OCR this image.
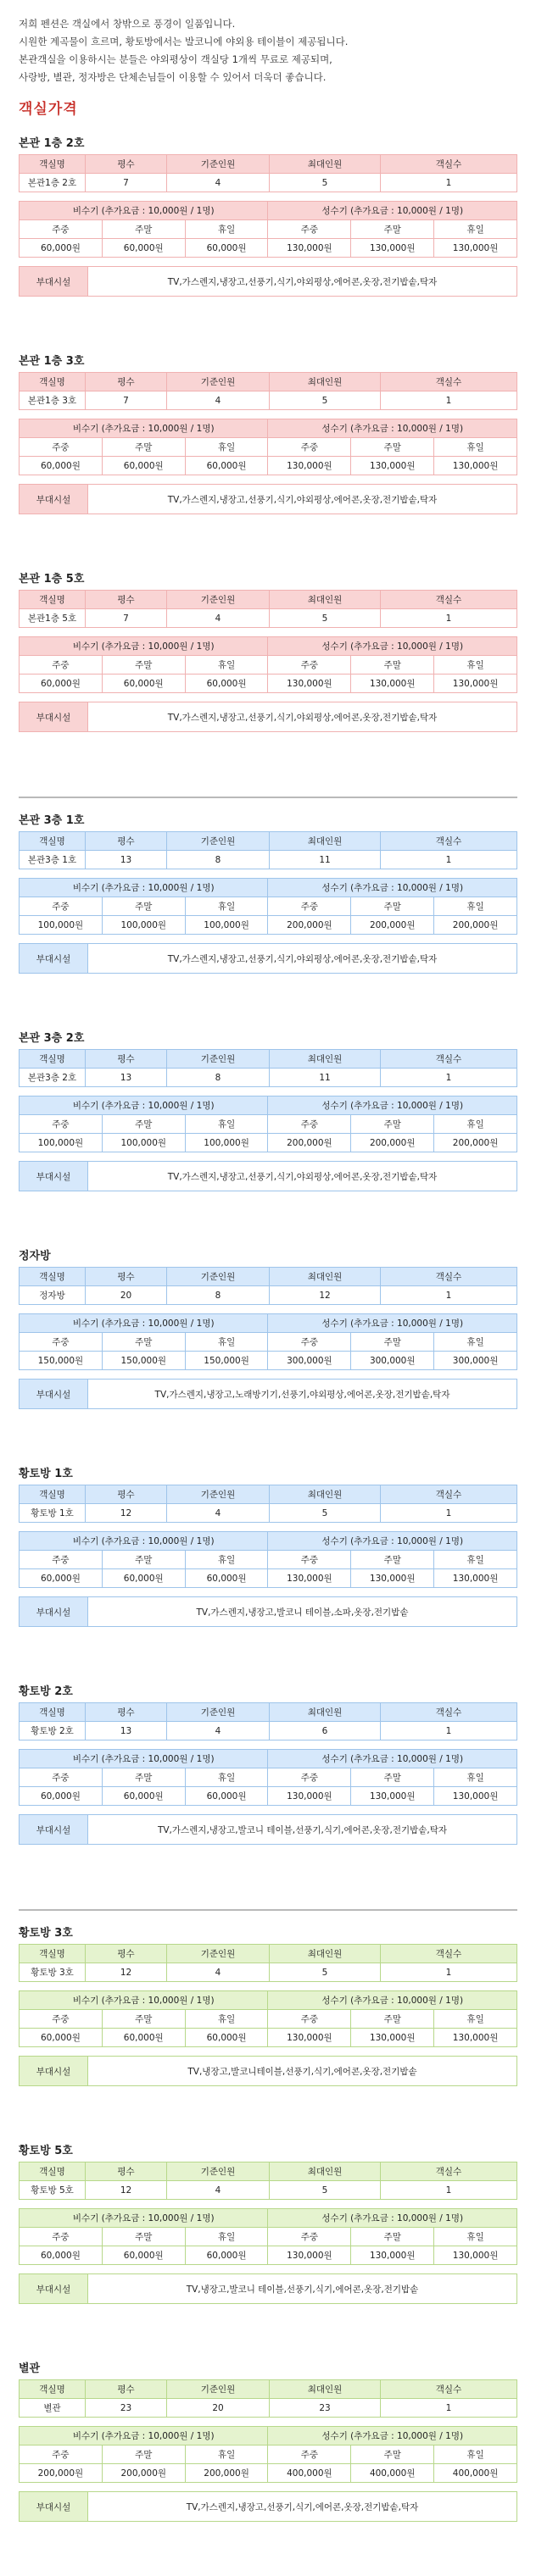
저희 펜션은 객실에서 창밖으로 풍경이 일품입니다.

시원한 계곡물이 흐르며, 황토방에서는 발코니에 야외용 테이블이 제공됩니다.

본관객실을 이용하시는 분들은 야외평상이 객실당 1개씩 무료로 제공되며,

사랑방, 별관, 정자방은 단체손님들이 이용할 수 있어서 더욱더 좋습니다.

객실가격
본관 1층 2호
객실명	평수	기준인원	최대인원	객실수
본관1층 2호	7	4	5	1
비수기 (추가요금 : 10,000원 / 1명)			성수기 (추가요금 : 10,000원 / 1명)		
주중	주말	휴일	주중	주말	휴일
60,000원	60,000원	60,000원	130,000원	130,000원	130,000원
부대시설	TV,가스렌지,냉장고,선풍기,식기,야외평상,에어콘,옷장,전기밥솥,탁자
본관 1층 3호
객실명	평수	기준인원	최대인원	객실수
본관1층 3호	7	4	5	1
비수기 (추가요금 : 10,000원 / 1명)			성수기 (추가요금 : 10,000원 / 1명)		
주중	주말	휴일	주중	주말	휴일
60,000원	60,000원	60,000원	130,000원	130,000원	130,000원
부대시설	TV,가스렌지,냉장고,선풍기,식기,야외평상,에어콘,옷장,전기밥솥,탁자
본관 1층 5호
객실명	평수	기준인원	최대인원	객실수
본관1층 5호	7	4	5	1
비수기 (추가요금 : 10,000원 / 1명)			성수기 (추가요금 : 10,000원 / 1명)		
주중	주말	휴일	주중	주말	휴일
60,000원	60,000원	60,000원	130,000원	130,000원	130,000원
부대시설	TV,가스렌지,냉장고,선풍기,식기,야외평상,에어콘,옷장,전기밥솥,탁자
본관 3층 1호
객실명	평수	기준인원	최대인원	객실수
본관3층 1호	13	8	11	1
비수기 (추가요금 : 10,000원 / 1명)			성수기 (추가요금 : 10,000원 / 1명)		
주중	주말	휴일	주중	주말	휴일
100,000원	100,000원	100,000원	200,000원	200,000원	200,000원
부대시설	TV,가스렌지,냉장고,선풍기,식기,야외평상,에어콘,옷장,전기밥솥,탁자
본관 3층 2호
객실명	평수	기준인원	최대인원	객실수
본관3층 2호	13	8	11	1
비수기 (추가요금 : 10,000원 / 1명)			성수기 (추가요금 : 10,000원 / 1명)		
주중	주말	휴일	주중	주말	휴일
100,000원	100,000원	100,000원	200,000원	200,000원	200,000원
부대시설	TV,가스렌지,냉장고,선풍기,식기,야외평상,에어콘,옷장,전기밥솥,탁자
정자방
객실명	평수	기준인원	최대인원	객실수
정자방	20	8	12	1
비수기 (추가요금 : 10,000원 / 1명)			성수기 (추가요금 : 10,000원 / 1명)		
주중	주말	휴일	주중	주말	휴일
150,000원	150,000원	150,000원	300,000원	300,000원	300,000원
부대시설	TV,가스렌지,냉장고,노래방기기,선풍기,야외평상,에어콘,옷장,전기밥솥,탁자
황토방 1호
객실명	평수	기준인원	최대인원	객실수
황토방 1호	12	4	5	1
비수기 (추가요금 : 10,000원 / 1명)			성수기 (추가요금 : 10,000원 / 1명)		
주중	주말	휴일	주중	주말	휴일
60,000원	60,000원	60,000원	130,000원	130,000원	130,000원
부대시설	TV,가스렌지,냉장고,발코니 테이블,소파,옷장,전기밥솥
황토방 2호
객실명	평수	기준인원	최대인원	객실수
황토방 2호	13	4	6	1
비수기 (추가요금 : 10,000원 / 1명)			성수기 (추가요금 : 10,000원 / 1명)		
주중	주말	휴일	주중	주말	휴일
60,000원	60,000원	60,000원	130,000원	130,000원	130,000원
부대시설	TV,가스렌지,냉장고,발코니 테이블,선풍기,식기,에어콘,옷장,전기밥솥,탁자
황토방 3호
객실명	평수	기준인원	최대인원	객실수
황토방 3호	12	4	5	1
비수기 (추가요금 : 10,000원 / 1명)			성수기 (추가요금 : 10,000원 / 1명)		
주중	주말	휴일	주중	주말	휴일
60,000원	60,000원	60,000원	130,000원	130,000원	130,000원
부대시설	TV,냉장고,발코니테이블,선풍기,식기,에어콘,옷장,전기밥솥
황토방 5호
객실명	평수	기준인원	최대인원	객실수
황토방 5호	12	4	5	1
비수기 (추가요금 : 10,000원 / 1명)			성수기 (추가요금 : 10,000원 / 1명)		
주중	주말	휴일	주중	주말	휴일
60,000원	60,000원	60,000원	130,000원	130,000원	130,000원
부대시설	TV,냉장고,발코니 테이블,선풍기,식기,에어콘,옷장,전기밥솥
별관
객실명	평수	기준인원	최대인원	객실수
별관	23	20	23	1
비수기 (추가요금 : 10,000원 / 1명)			성수기 (추가요금 : 10,000원 / 1명)		
주중	주말	휴일	주중	주말	휴일
200,000원	200,000원	200,000원	400,000원	400,000원	400,000원
부대시설	TV,가스렌지,냉장고,선풍기,식기,에어콘,옷장,전기밥솥,탁자
